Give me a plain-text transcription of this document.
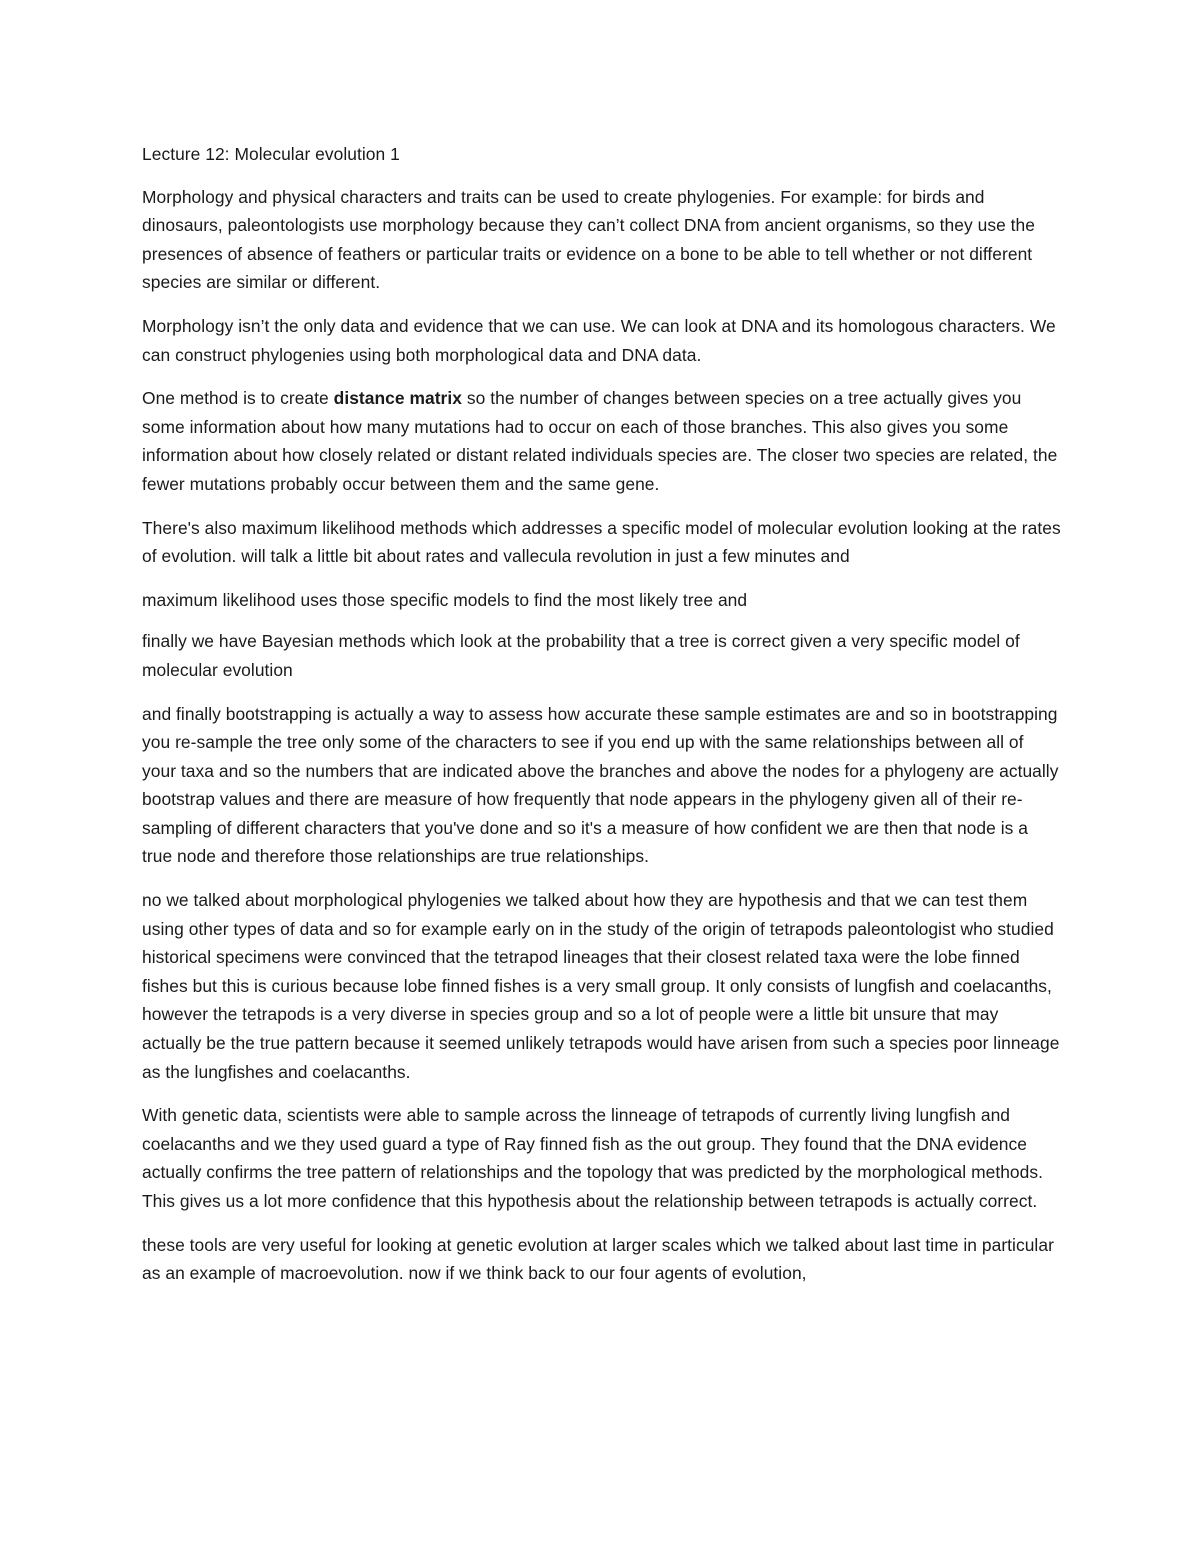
Lecture 12: Molecular evolution 1

Morphology and physical characters and traits can be used to create phylogenies. For example: for birds and dinosaurs, paleontologists use morphology because they can’t collect DNA from ancient organisms, so they use the presences of absence of feathers or particular traits or evidence on a bone to be able to tell whether or not different species are similar or different.

Morphology isn’t the only data and evidence that we can use. We can look at DNA and its homologous characters. We can construct phylogenies using both morphological data and DNA data.

One method is to create distance matrix so the number of changes between species on a tree actually gives you some information about how many mutations had to occur on each of those branches. This also gives you some information about how closely related or distant related individuals species are. The closer two species are related, the fewer mutations probably occur between them and the same gene.

There's also maximum likelihood methods which addresses a specific model of molecular evolution looking at the rates of evolution. will talk a little bit about rates and vallecula revolution in just a few minutes and

maximum likelihood uses those specific models to find the most likely tree and

finally we have Bayesian methods which look at the probability that a tree is correct given a very specific model of molecular evolution

and finally bootstrapping is actually a way to assess how accurate these sample estimates are and so in bootstrapping you re-sample the tree only some of the characters to see if you end up with the same relationships between all of your taxa and so the numbers that are indicated above the branches and above the nodes for a phylogeny are actually bootstrap values and there are measure of how frequently that node appears in the phylogeny given all of their re-sampling of different characters that you've done and so it's a measure of how confident we are then that node is a true node and therefore those relationships are true relationships.

no we talked about morphological phylogenies we talked about how they are hypothesis and that we can test them using other types of data and so for example early on in the study of the origin of tetrapods paleontologist who studied historical specimens were convinced that the tetrapod lineages that their closest related taxa were the lobe finned fishes but this is curious because lobe finned fishes is a very small group. It only consists of lungfish and coelacanths, however the tetrapods is a very diverse in species group and so a lot of people were a little bit unsure that may actually be the true pattern because it seemed unlikely tetrapods would have arisen from such a species poor linneage as the lungfishes and coelacanths.

With genetic data, scientists were able to sample across the linneage of tetrapods of currently living lungfish and coelacanths and we they used guard a type of Ray finned fish as the out group. They found that the DNA evidence actually confirms the tree pattern of relationships and the topology that was predicted by the morphological methods. This gives us a lot more confidence that this hypothesis about the relationship between tetrapods is actually correct.

these tools are very useful for looking at genetic evolution at larger scales which we talked about last time in particular as an example of macroevolution. now if we think back to our four agents of evolution,
